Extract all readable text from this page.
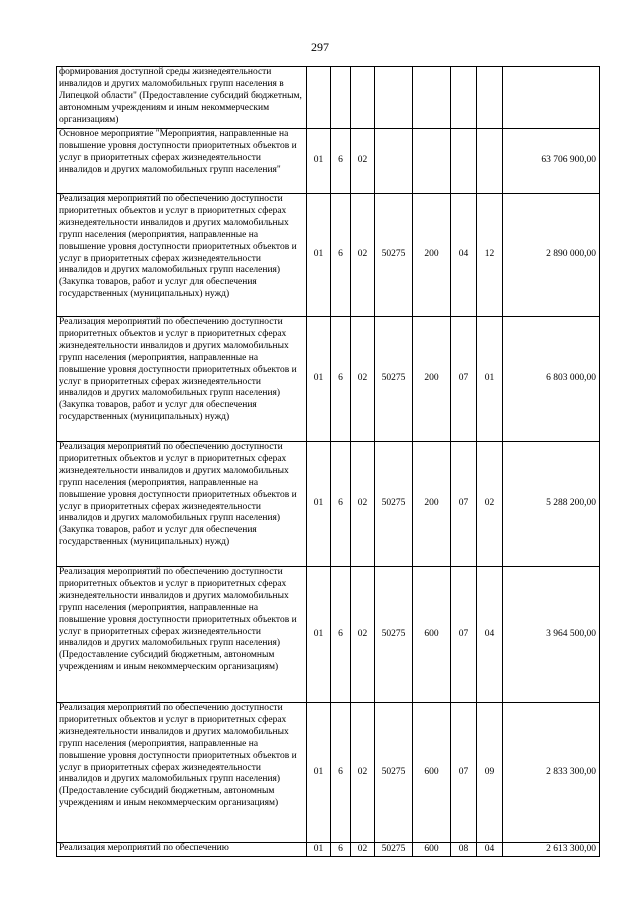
297
формирования доступной среды жизнедеятельности инвалидов и других маломобильных групп населения в Липецкой области" (Предоставление субсидий бюджетным, автономным учреждениям и иным некоммерческим организациям)								
Основное мероприятие "Мероприятия, направленные на повышение уровня доступности приоритетных объектов и услуг в приоритетных сферах жизнедеятельности инвалидов и других маломобильных групп населения"	01	6	02					63 706 900,00
Реализация мероприятий по обеспечению доступности приоритетных объектов и услуг в приоритетных сферах жизнедеятельности инвалидов и других маломобильных групп населения (мероприятия, направленные на повышение уровня доступности приоритетных объектов и услуг в приоритетных сферах жизнедеятельности инвалидов и других маломобильных групп населения) (Закупка товаров, работ и услуг для обеспечения государственных (муниципальных) нужд)	01	6	02	50275	200	04	12	2 890 000,00
Реализация мероприятий по обеспечению доступности приоритетных объектов и услуг в приоритетных сферах жизнедеятельности инвалидов и других маломобильных групп населения (мероприятия, направленные на повышение уровня доступности приоритетных объектов и услуг в приоритетных сферах жизнедеятельности инвалидов и других маломобильных групп населения) (Закупка товаров, работ и услуг для обеспечения государственных (муниципальных) нужд)	01	6	02	50275	200	07	01	6 803 000,00
Реализация мероприятий по обеспечению доступности приоритетных объектов и услуг в приоритетных сферах жизнедеятельности инвалидов и других маломобильных групп населения (мероприятия, направленные на повышение уровня доступности приоритетных объектов и услуг в приоритетных сферах жизнедеятельности инвалидов и других маломобильных групп населения) (Закупка товаров, работ и услуг для обеспечения государственных (муниципальных) нужд)	01	6	02	50275	200	07	02	5 288 200,00
Реализация мероприятий по обеспечению доступности приоритетных объектов и услуг в приоритетных сферах жизнедеятельности инвалидов и других маломобильных групп населения (мероприятия, направленные на повышение уровня доступности приоритетных объектов и услуг в приоритетных сферах жизнедеятельности инвалидов и других маломобильных групп населения) (Предоставление субсидий бюджетным, автономным учреждениям и иным некоммерческим организациям)	01	6	02	50275	600	07	04	3 964 500,00
Реализация мероприятий по обеспечению доступности приоритетных объектов и услуг в приоритетных сферах жизнедеятельности инвалидов и других маломобильных групп населения (мероприятия, направленные на повышение уровня доступности приоритетных объектов и услуг в приоритетных сферах жизнедеятельности инвалидов и других маломобильных групп населения) (Предоставление субсидий бюджетным, автономным учреждениям и иным некоммерческим организациям)	01	6	02	50275	600	07	09	2 833 300,00
Реализация мероприятий по обеспечению	01	6	02	50275	600	08	04	2 613 300,00
